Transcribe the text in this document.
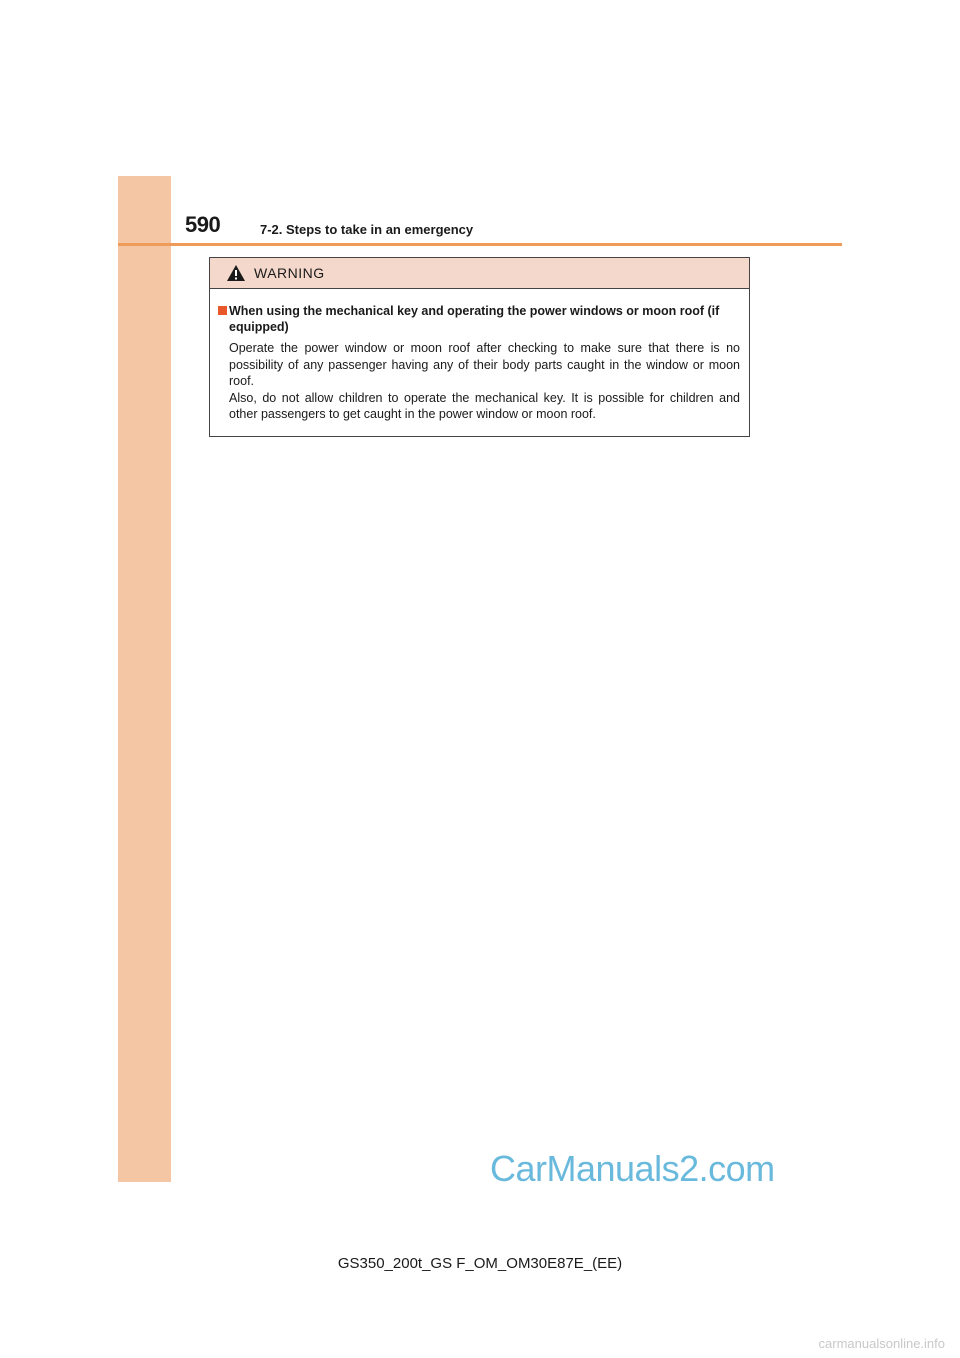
590	7-2. Steps to take in an emergency
WARNING
When using the mechanical key and operating the power windows or moon roof (if equipped)

Operate the power window or moon roof after checking to make sure that there is no possibility of any passenger having any of their body parts caught in the window or moon roof.

Also, do not allow children to operate the mechanical key. It is possible for children and other passengers to get caught in the power window or moon roof.

CarManuals2.com
GS350_200t_GS F_OM_OM30E87E_(EE)
carmanualsonline.info
